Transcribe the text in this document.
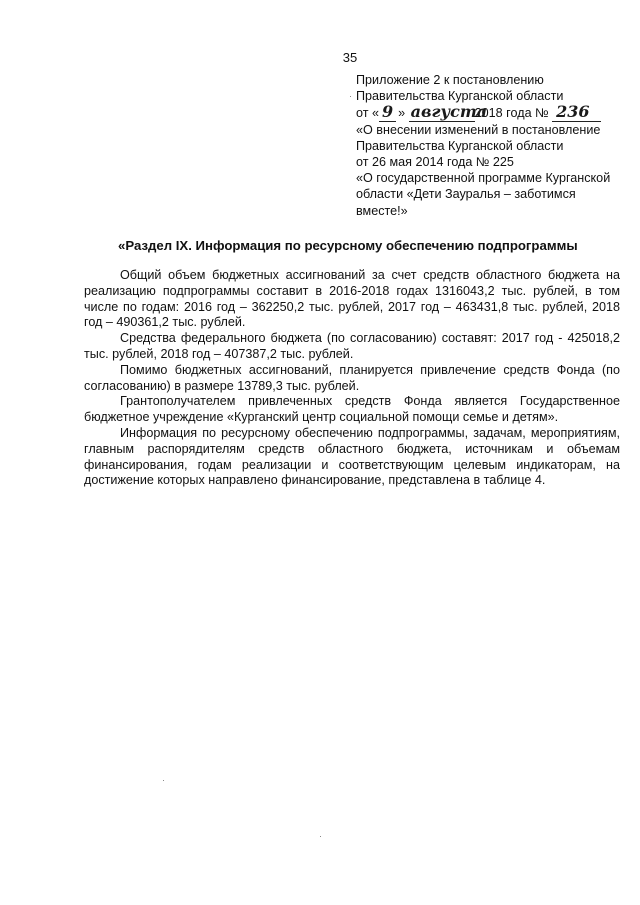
35
Приложение 2 к постановлению
Правительства Курганской области
от « 9 » августа2018 года № 236
«О внесении изменений в постановление
Правительства Курганской области
от 26 мая 2014 года № 225
«О государственной программе Курганской
области «Дети Зауралья – заботимся
вместе!»
«Раздел IX. Информация по ресурсному обеспечению подпрограммы

Общий объем бюджетных ассигнований за счет средств областного бюджета на реализацию подпрограммы составит в 2016-2018 годах 1316043,2 тыс. рублей, в том числе по годам: 2016 год – 362250,2 тыс. рублей, 2017 год – 463431,8 тыс. рублей, 2018 год – 490361,2 тыс. рублей.

Средства федерального бюджета (по согласованию) составят: 2017 год - 425018,2 тыс. рублей, 2018 год – 407387,2 тыс. рублей.

Помимо бюджетных ассигнований, планируется привлечение средств Фонда (по согласованию) в размере 13789,3 тыс. рублей.

Грантополучателем привлеченных средств Фонда является Государственное бюджетное учреждение «Курганский центр социальной помощи семье и детям».

Информация по ресурсному обеспечению подпрограммы, задачам, мероприятиям, главным распорядителям средств областного бюджета, источникам и объемам финансирования, годам реализации и соответствующим целевым индикаторам, на достижение которых направлено финансирование, представлена в таблице 4.
